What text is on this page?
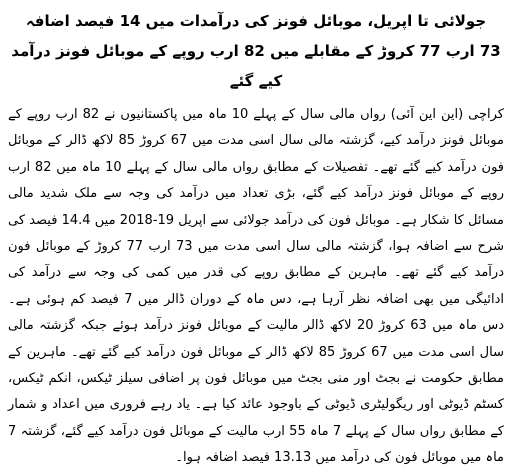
جولائی تا اپریل، موبائل فونز کی درآمدات میں 14 فیصد اضافہ
73 ارب 77 کروڑ کے مقابلے میں 82 ارب روپے کے موبائل فونز درآمد کیے گئے

کراچی (این این آئی) رواں مالی سال کے پہلے 10 ماہ میں پاکستانیوں نے 82 ارب روپے کے موبائل فونز درآمد کیے، گزشتہ مالی سال اسی مدت میں 67 کروڑ 85 لاکھ ڈالر کے موبائل فون درآمد کیے گئے تھے۔ تفصیلات کے مطابق رواں مالی سال کے پہلے 10 ماہ میں 82 ارب روپے کے موبائل فونز درآمد کیے گئے، بڑی تعداد میں درآمد کی وجہ سے ملک شدید مالی مسائل کا شکار ہے۔ موبائل فون کی درآمد جولائی سے اپریل 19-2018 میں 14.4 فیصد کی شرح سے اضافہ ہوا، گزشتہ مالی سال اسی مدت میں 73 ارب 77 کروڑ کے موبائل فون درآمد کیے گئے تھے۔ ماہرین کے مطابق روپے کی قدر میں کمی کی وجہ سے درآمد کی ادائیگی میں بھی اضافہ نظر آرہا ہے، دس ماہ کے دوران ڈالر میں 7 فیصد کم ہوئی ہے۔ دس ماہ میں 63 کروڑ 20 لاکھ ڈالر مالیت کے موبائل فونز درآمد ہوئے جبکہ گزشتہ مالی سال اسی مدت میں 67 کروڑ 85 لاکھ ڈالر کے موبائل فون درآمد کیے گئے تھے۔ ماہرین کے مطابق حکومت نے بجٹ اور منی بجٹ میں موبائل فون پر اضافی سیلز ٹیکس، انکم ٹیکس، کسٹم ڈیوٹی اور ریگولیٹری ڈیوٹی کے باوجود عائد کیا ہے۔ یاد رہے فروری میں اعداد و شمار کے مطابق رواں سال کے پہلے 7 ماہ 55 ارب مالیت کے موبائل فون درآمد کیے گئے، گزشتہ 7 ماہ میں موبائل فون کی درآمد میں 13.13 فیصد اضافہ ہوا۔
